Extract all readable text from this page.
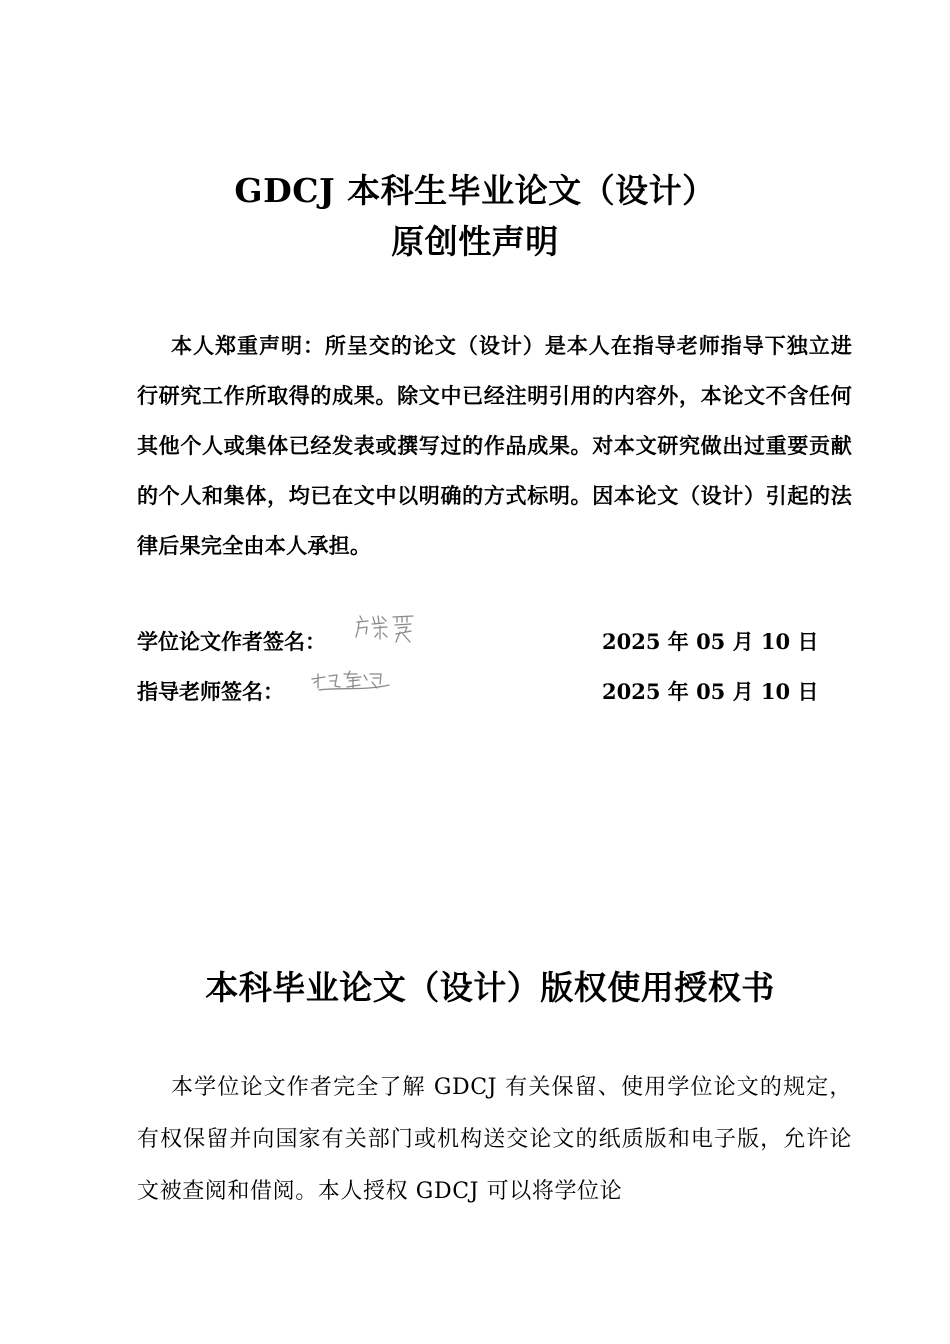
GDCJ 本科生毕业论文（设计）
原创性声明
本人郑重声明：所呈交的论文（设计）是本人在指导老师指导下独立进行研究工作所取得的成果。除文中已经注明引用的内容外，本论文不含任何其他个人或集体已经发表或撰写过的作品成果。对本文研究做出过重要贡献的个人和集体，均已在文中以明确的方式标明。因本论文（设计）引起的法律后果完全由本人承担。
学位论文作者签名：	2025 年 05 月 10 日
指导老师签名：	2025 年 05 月 10 日
本科毕业论文（设计）版权使用授权书
本学位论文作者完全了解 GDCJ 有关保留、使用学位论文的规定，有权保留并向国家有关部门或机构送交论文的纸质版和电子版，允许论文被查阅和借阅。本人授权 GDCJ 可以将学位论
